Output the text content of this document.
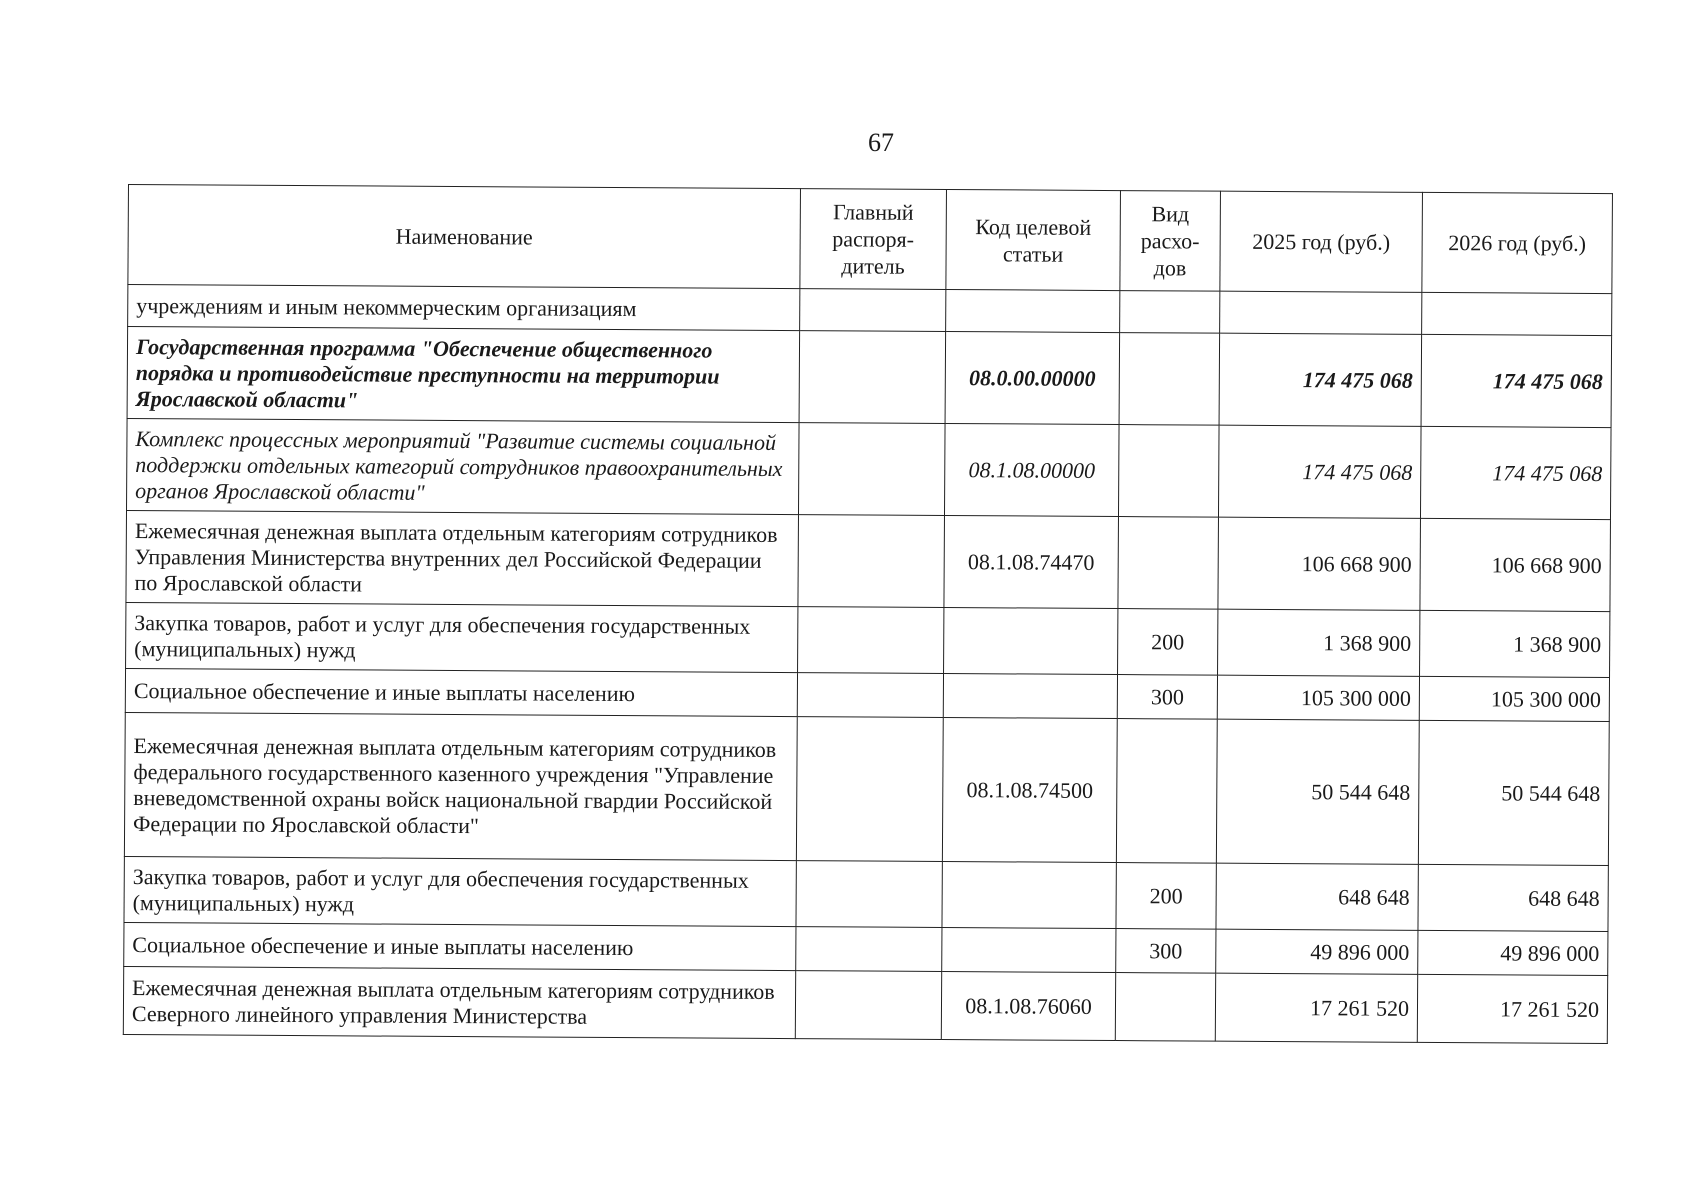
67
Наименование	Главный распоря-дитель	Код целевой статьи	Вид расхо-дов	2025 год (руб.)	2026 год (руб.)
учреждениям и иным некоммерческим организациям					
Государственная программа "Обеспечение общественного порядка и противодействие преступности на территории Ярославской области"		08.0.00.00000		174 475 068	174 475 068
Комплекс процессных мероприятий "Развитие системы социальной поддержки отдельных категорий сотрудников правоохранительных органов Ярославской области"		08.1.08.00000		174 475 068	174 475 068
Ежемесячная денежная выплата отдельным категориям сотрудников Управления Министерства внутренних дел Российской Федерации по Ярославской области		08.1.08.74470		106 668 900	106 668 900
Закупка товаров, работ и услуг для обеспечения государственных (муниципальных) нужд			200	1 368 900	1 368 900
Социальное обеспечение и иные выплаты населению			300	105 300 000	105 300 000
Ежемесячная денежная выплата отдельным категориям сотрудников федерального государственного казенного учреждения "Управление вневедомственной охраны войск национальной гвардии Российской Федерации по Ярославской области"		08.1.08.74500		50 544 648	50 544 648
Закупка товаров, работ и услуг для обеспечения государственных (муниципальных) нужд			200	648 648	648 648
Социальное обеспечение и иные выплаты населению			300	49 896 000	49 896 000
Ежемесячная денежная выплата отдельным категориям сотрудников Северного линейного управления Министерства		08.1.08.76060		17 261 520	17 261 520
